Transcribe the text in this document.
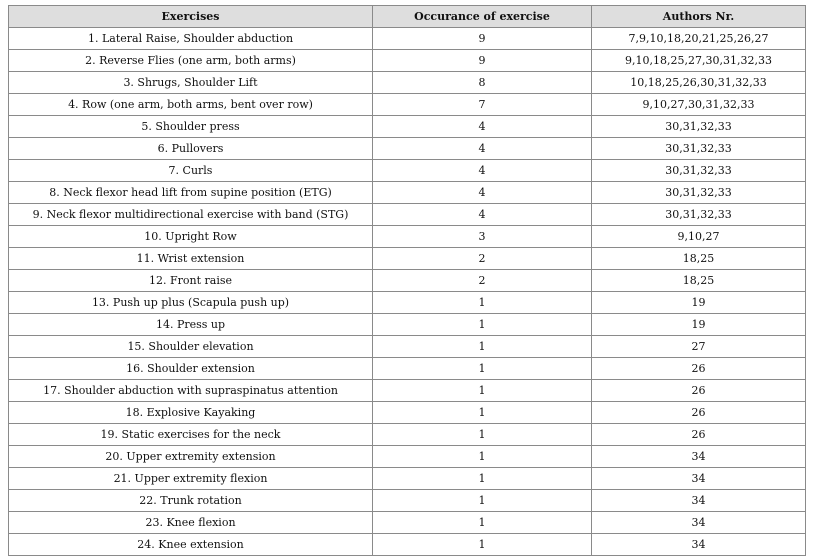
Exercises	Occurance of exercise	Authors Nr.
1. Lateral Raise, Shoulder abduction	9	7,9,10,18,20,21,25,26,27
2. Reverse Flies (one arm, both arms)	9	9,10,18,25,27,30,31,32,33
3. Shrugs, Shoulder Lift	8	10,18,25,26,30,31,32,33
4. Row (one arm, both arms, bent over row)	7	9,10,27,30,31,32,33
5. Shoulder press	4	30,31,32,33
6. Pullovers	4	30,31,32,33
7. Curls	4	30,31,32,33
8. Neck flexor head lift from supine position (ETG)	4	30,31,32,33
9. Neck flexor multidirectional exercise with band (STG)	4	30,31,32,33
10. Upright Row	3	9,10,27
11. Wrist extension	2	18,25
12. Front raise	2	18,25
13. Push up plus (Scapula push up)	1	19
14. Press up	1	19
15. Shoulder elevation	1	27
16. Shoulder extension	1	26
17. Shoulder abduction with supraspinatus attention	1	26
18. Explosive Kayaking	1	26
19. Static exercises for the neck	1	26
20. Upper extremity extension	1	34
21. Upper extremity flexion	1	34
22. Trunk rotation	1	34
23. Knee flexion	1	34
24. Knee extension	1	34
